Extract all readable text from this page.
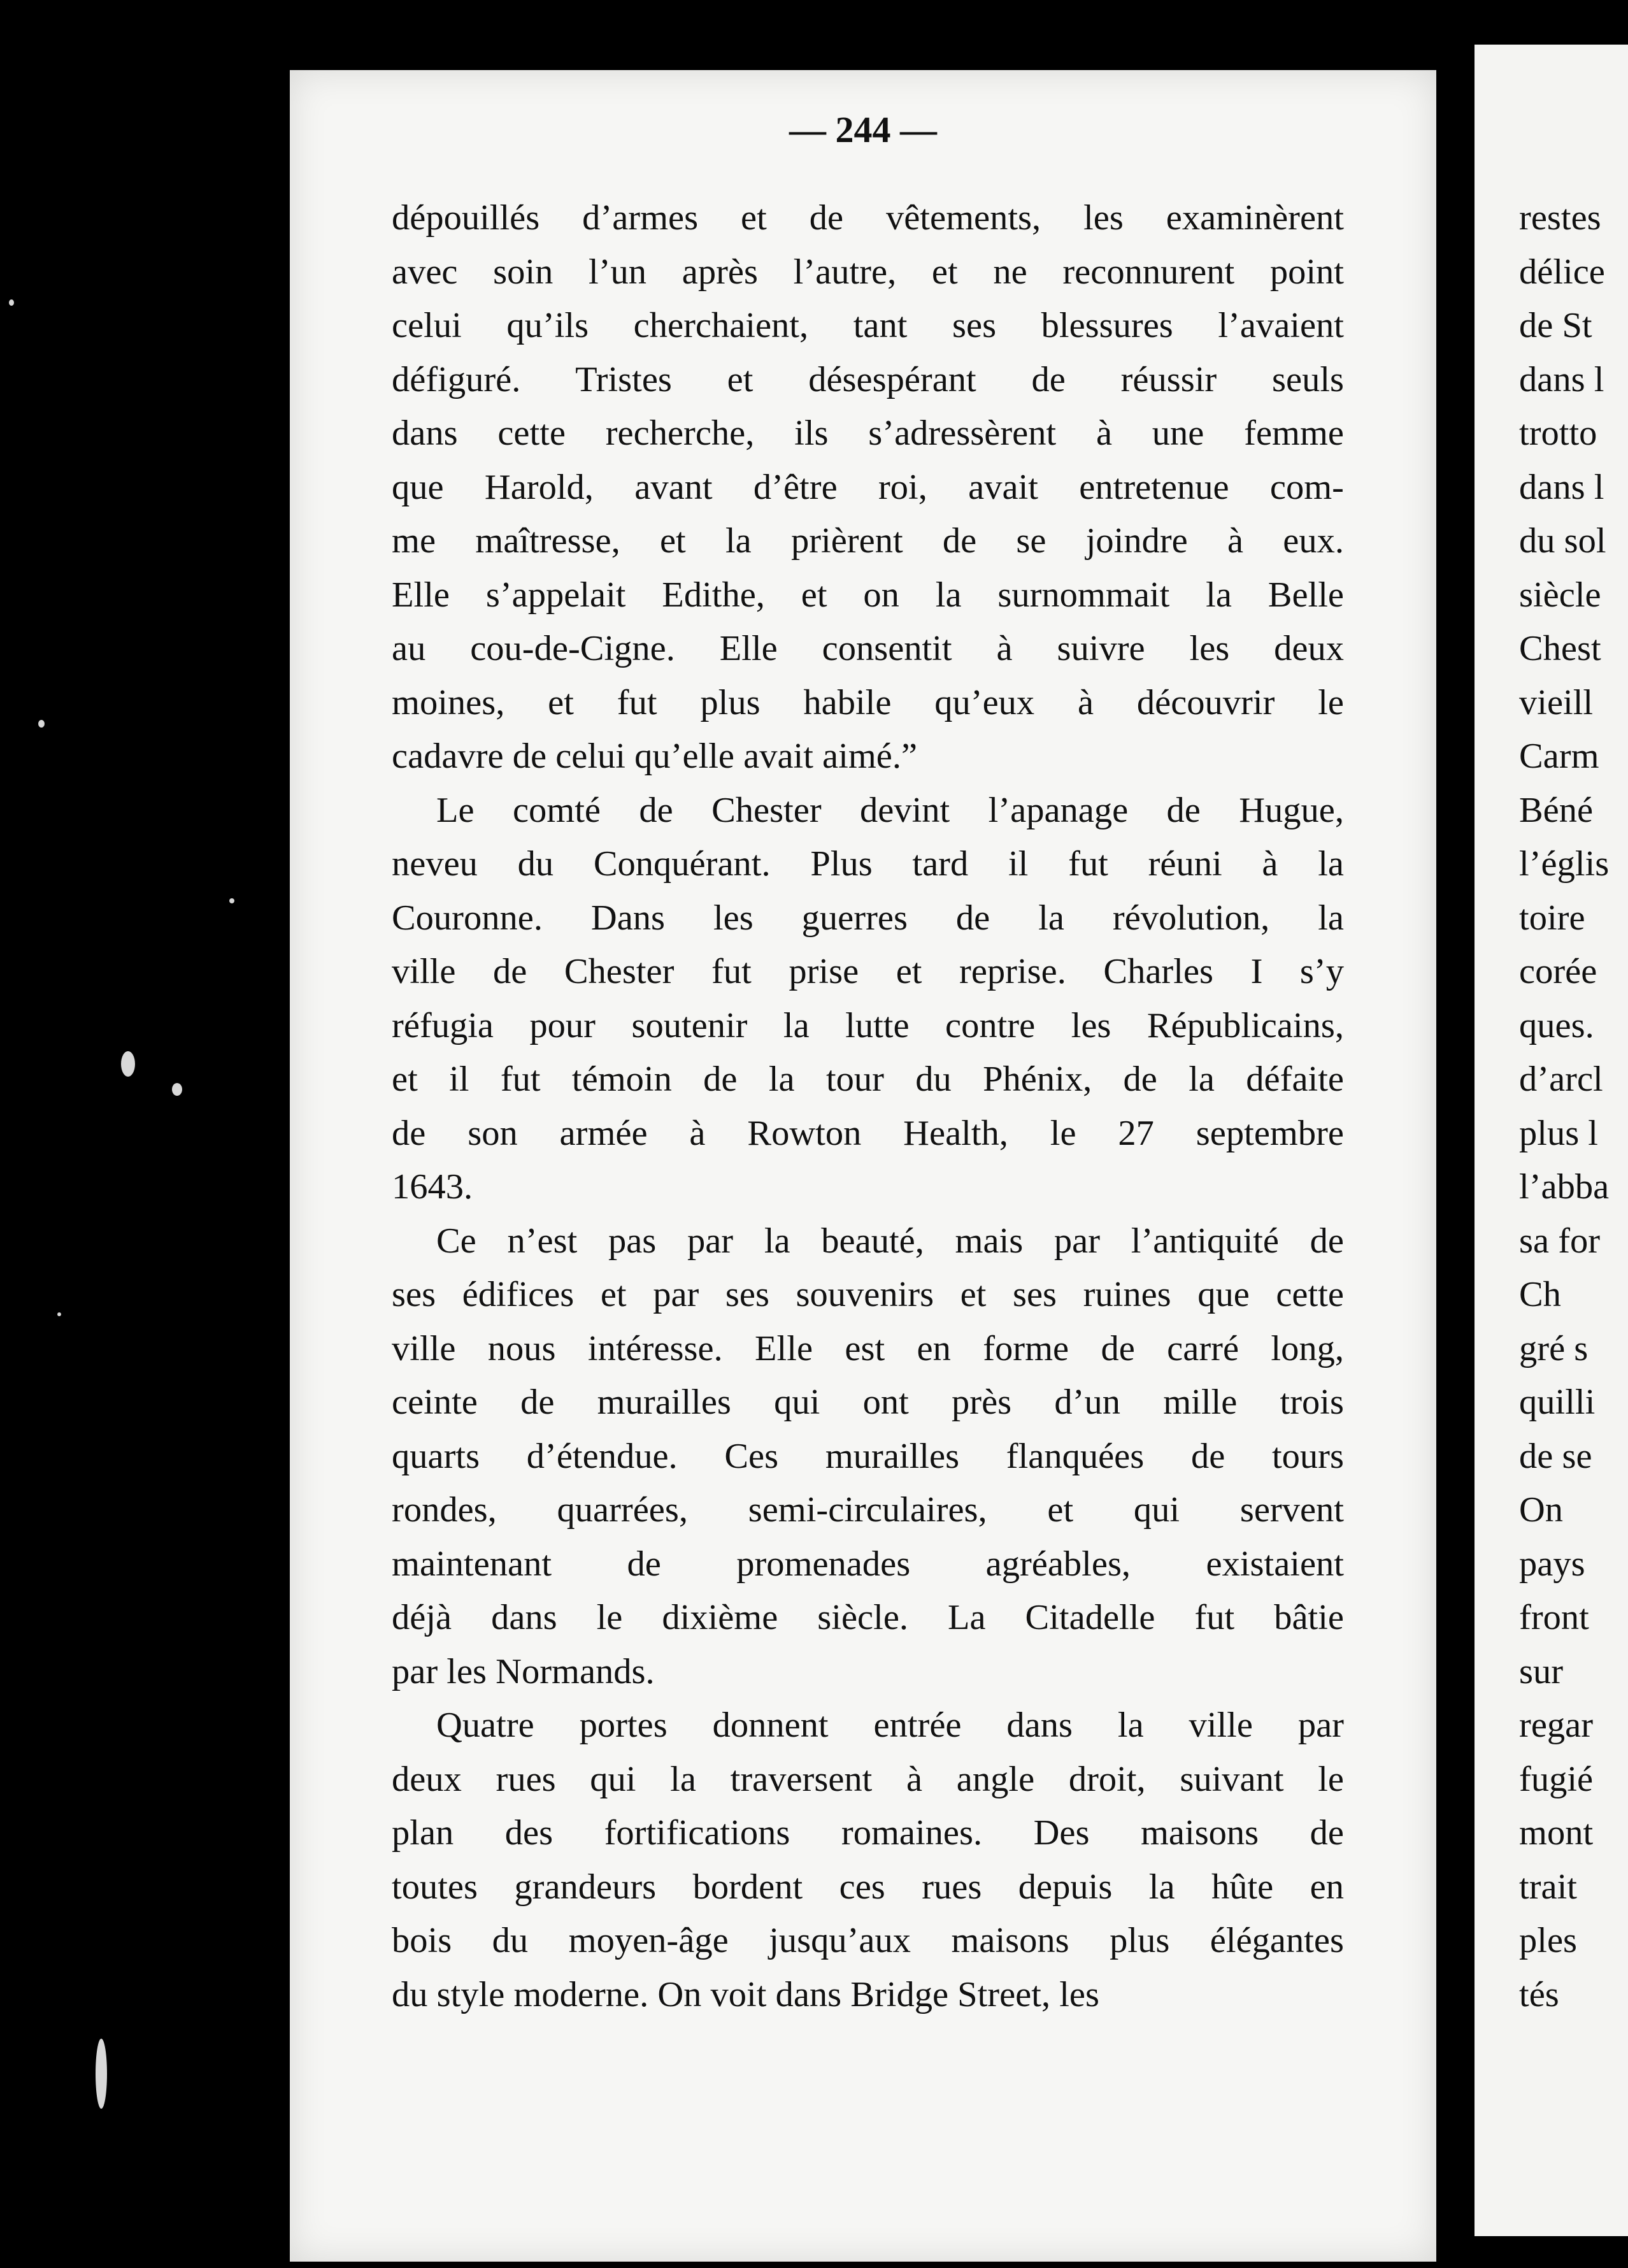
— 244 —
dépouillés d’armes et de vêtements, les examinèrent
avec soin l’un après l’autre, et ne reconnurent point
celui qu’ils cherchaient, tant ses blessures l’avaient
défiguré. Tristes et désespérant de réussir seuls
dans cette recherche, ils s’adressèrent à une femme
que Harold, avant d’être roi, avait entretenue com-
me maîtresse, et la prièrent de se joindre à eux.
Elle s’appelait Edithe, et on la surnommait la Belle
au cou-de-Cigne. Elle consentit à suivre les deux
moines, et fut plus habile qu’eux à découvrir le
cadavre de celui qu’elle avait aimé.”
Le comté de Chester devint l’apanage de Hugue,
neveu du Conquérant. Plus tard il fut réuni à la
Couronne. Dans les guerres de la révolution, la
ville de Chester fut prise et reprise. Charles I s’y
réfugia pour soutenir la lutte contre les Républicains,
et il fut témoin de la tour du Phénix, de la défaite
de son armée à Rowton Health, le 27 septembre
1643.
Ce n’est pas par la beauté, mais par l’antiquité de
ses édifices et par ses souvenirs et ses ruines que cette
ville nous intéresse. Elle est en forme de carré long,
ceinte de murailles qui ont près d’un mille trois
quarts d’étendue. Ces murailles flanquées de tours
rondes, quarrées, semi-circulaires, et qui servent
maintenant de promenades agréables, existaient
déjà dans le dixième siècle. La Citadelle fut bâtie
par les Normands.
Quatre portes donnent entrée dans la ville par
deux rues qui la traversent à angle droit, suivant le
plan des fortifications romaines. Des maisons de
toutes grandeurs bordent ces rues depuis la hûte en
bois du moyen-âge jusqu’aux maisons plus élégantes
du style moderne. On voit dans Bridge Street, les
restes
délice
de St
dans l
trotto
dans l
du sol
siècle
Chest
vieill
Carm
Béné
l’églis
toire
corée
ques.
d’arcl
plus l
l’abba
sa for
Ch
gré s
quilli
de se
On
pays
front
sur
regar
fugié
mont
trait
ples
tés
